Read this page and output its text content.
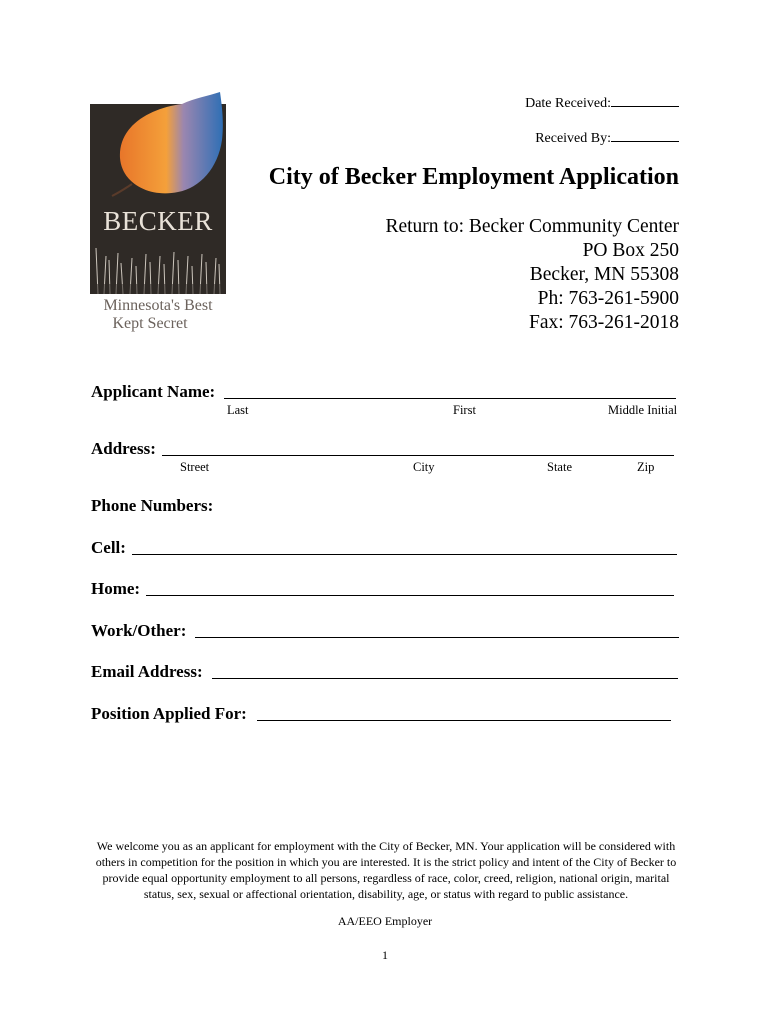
BECKER
Minnesota's Best
Kept Secret
Date Received:
Received By:
City of Becker Employment Application
Return to: Becker Community Center
PO Box 250
Becker, MN 55308
Ph: 763-261-5900
Fax: 763-261-2018
Applicant Name:
Last	First	Middle Initial
Address:
Street	City	State	Zip
Phone Numbers:
Cell:
Home:
Work/Other:
Email Address:
Position Applied For:
We welcome you as an applicant for employment with the City of Becker, MN. Your application will be considered with others in competition for the position in which you are interested. It is the strict policy and intent of the City of Becker to provide equal opportunity employment to all persons, regardless of race, color, creed, religion, national origin, marital status, sex, sexual or affectional orientation, disability, age, or status with regard to public assistance.
AA/EEO Employer
1
